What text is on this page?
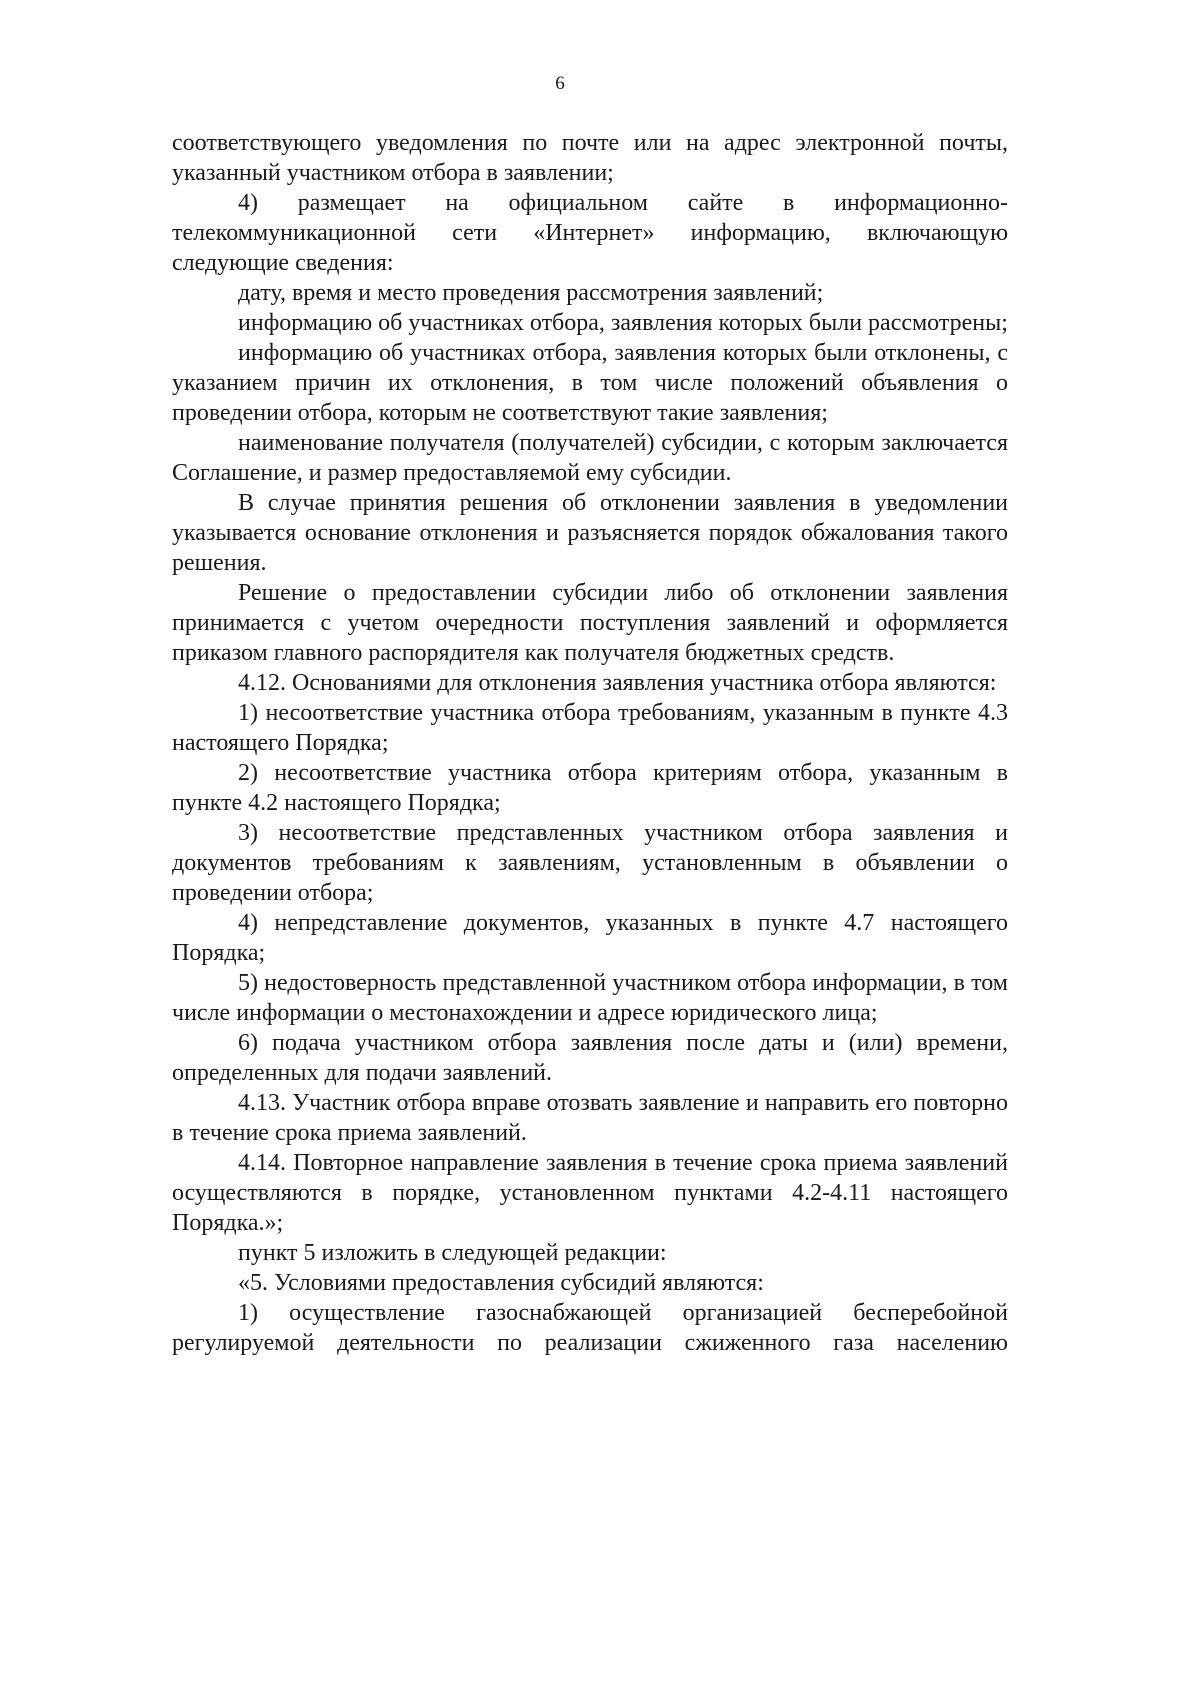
6

соответствующего уведомления по почте или на адрес электронной почты, указанный участником отбора в заявлении;

4) размещает на официальном сайте в информационно-телекоммуникационной сети «Интернет» информацию, включающую следующие сведения:

дату, время и место проведения рассмотрения заявлений;

информацию об участниках отбора, заявления которых были рассмотрены;

информацию об участниках отбора, заявления которых были отклонены, с указанием причин их отклонения, в том числе положений объявления о проведении отбора, которым не соответствуют такие заявления;

наименование получателя (получателей) субсидии, с которым заключается Соглашение, и размер предоставляемой ему субсидии.

В случае принятия решения об отклонении заявления в уведомлении указывается основание отклонения и разъясняется порядок обжалования такого решения.

Решение о предоставлении субсидии либо об отклонении заявления принимается с учетом очередности поступления заявлений и оформляется приказом главного распорядителя как получателя бюджетных средств.

4.12. Основаниями для отклонения заявления участника отбора являются:

1) несоответствие участника отбора требованиям, указанным в пункте 4.3 настоящего Порядка;

2) несоответствие участника отбора критериям отбора, указанным в пункте 4.2 настоящего Порядка;

3) несоответствие представленных участником отбора заявления и документов требованиям к заявлениям, установленным в объявлении о проведении отбора;

4) непредставление документов, указанных в пункте 4.7 настоящего Порядка;

5) недостоверность представленной участником отбора информации, в том числе информации о местонахождении и адресе юридического лица;

6) подача участником отбора заявления после даты и (или) времени, определенных для подачи заявлений.

4.13. Участник отбора вправе отозвать заявление и направить его повторно в течение срока приема заявлений.

4.14. Повторное направление заявления в течение срока приема заявлений осуществляются в порядке, установленном пунктами 4.2-4.11 настоящего Порядка.»;

пункт 5 изложить в следующей редакции:

«5. Условиями предоставления субсидий являются:

1) осуществление газоснабжающей организацией бесперебойной регулируемой деятельности по реализации сжиженного газа населению
